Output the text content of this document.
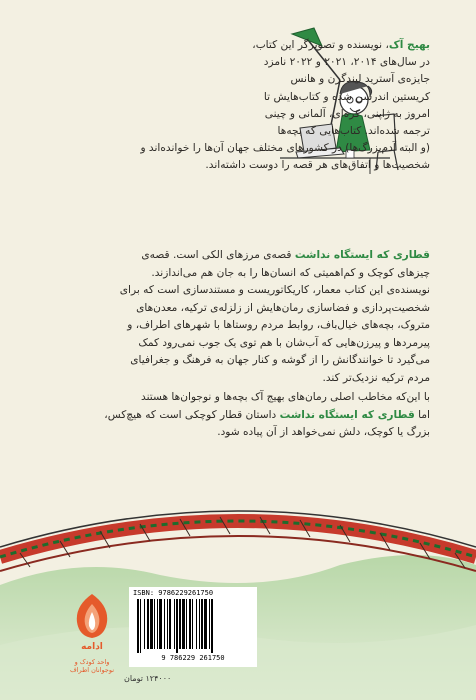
بهیج آک، نویسنده و تصویرگر این کتاب،
در سال‌های ۲۰۱۴، ۲۰۲۱ و ۲۰۲۲ نامزد
جایزه‌ی آسترید لیندگرن و هانس
کریستین اندرسن شده و کتاب‌هایش تا
امروز به ژاپنی، کره‌ای، آلمانی و چینی
ترجمه شده‌اند. کتاب‌هایی که بچه‌ها
(و البته آدم‌بزرگ‌ها) در کشورهای مختلف جهان آن‌ها را خوانده‌اند و
شخصیت‌ها و اتفاق‌های هر قصه را دوست داشته‌اند.
قطاری که ایستگاه نداشت قصه‌ی مرزهای الکی است. قصه‌ی
چیزهای کوچک و کم‌اهمیتی که انسان‌ها را به جان هم می‌اندازند.
نویسنده‌ی این کتاب معمار، کاریکاتوریست و مستندسازی است که برای
شخصیت‌پردازی و فضاسازی رمان‌هایش از زلزله‌ی ترکیه، معدن‌های
متروک، بچه‌های خیال‌باف، روابط مردم روستاها با شهرهای اطراف، و
پیرمردها و پیرزن‌هایی که آب‌شان با هم توی یک جوب نمی‌رود کمک
می‌گیرد تا خوانندگانش را از گوشه و کنار جهان به فرهنگ و جغرافیای
مردم ترکیه نزدیک‌تر کند.
با این‌که مخاطب اصلی رمان‌های بهیج آک بچه‌ها و نوجوان‌ها هستند
اما قطاری که ایستگاه نداشت داستان قطار کوچکی است که هیچ‌کس،
بزرگ یا کوچک، دلش نمی‌خواهد از آن پیاده شود.
ادامه
واحد کودک و
نوجوانان اطراف
ISBN: 9786229261750
9 786229 261750
۱۲۴۰۰۰ تومان
